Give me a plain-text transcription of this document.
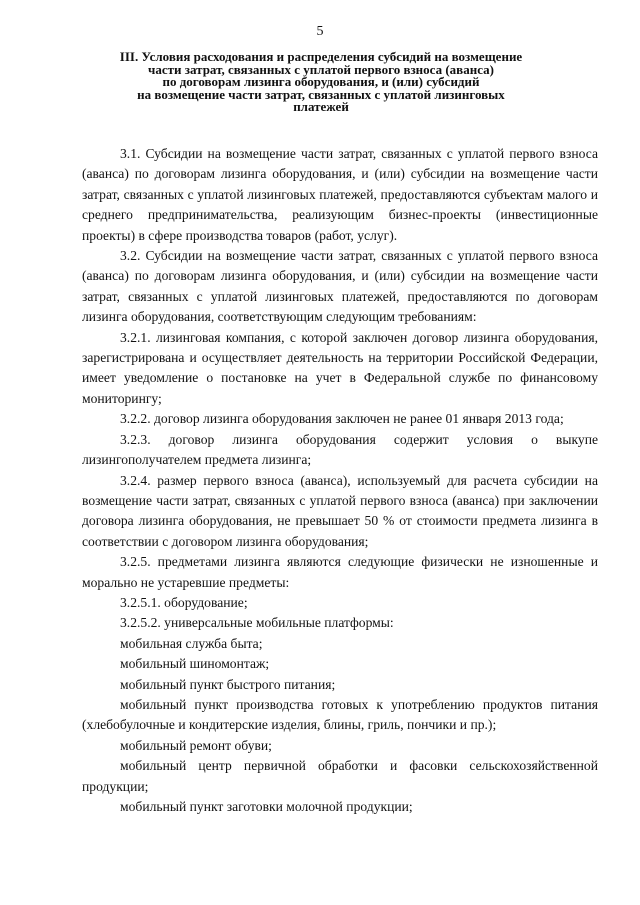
5
III. Условия расходования и распределения субсидий на возмещение
части затрат, связанных с уплатой первого взноса (аванса)
по договорам лизинга оборудования, и (или) субсидий
на возмещение части затрат, связанных с уплатой лизинговых
платежей

3.1. Субсидии на возмещение части затрат, связанных с уплатой первого взноса (аванса) по договорам лизинга оборудования, и (или) субсидии на возмещение части затрат, связанных с уплатой лизинговых платежей, предоставляются субъектам малого и среднего предпринимательства, реализующим бизнес-проекты (инвестиционные проекты) в сфере производства товаров (работ, услуг).

3.2. Субсидии на возмещение части затрат, связанных с уплатой первого взноса (аванса) по договорам лизинга оборудования, и (или) субсидии на возмещение части затрат, связанных с уплатой лизинговых платежей, предоставляются по договорам лизинга оборудования, соответствующим следующим требованиям:

3.2.1. лизинговая компания, с которой заключен договор лизинга оборудования, зарегистрирована и осуществляет деятельность на территории Российской Федерации, имеет уведомление о постановке на учет в Федеральной службе по финансовому мониторингу;

3.2.2. договор лизинга оборудования заключен не ранее 01 января 2013 года;

3.2.3. договор лизинга оборудования содержит условия о выкупе лизингополучателем предмета лизинга;

3.2.4. размер первого взноса (аванса), используемый для расчета субсидии на возмещение части затрат, связанных с уплатой первого взноса (аванса) при заключении договора лизинга оборудования, не превышает 50 % от стоимости предмета лизинга в соответствии с договором лизинга оборудования;

3.2.5. предметами лизинга являются следующие физически не изношенные и морально не устаревшие предметы:

3.2.5.1. оборудование;

3.2.5.2. универсальные мобильные платформы:

мобильная служба быта;

мобильный шиномонтаж;

мобильный пункт быстрого питания;

мобильный пункт производства готовых к употреблению продуктов питания (хлебобулочные и кондитерские изделия, блины, гриль, пончики и пр.);

мобильный ремонт обуви;

мобильный центр первичной обработки и фасовки сельскохозяйственной продукции;

мобильный пункт заготовки молочной продукции;
